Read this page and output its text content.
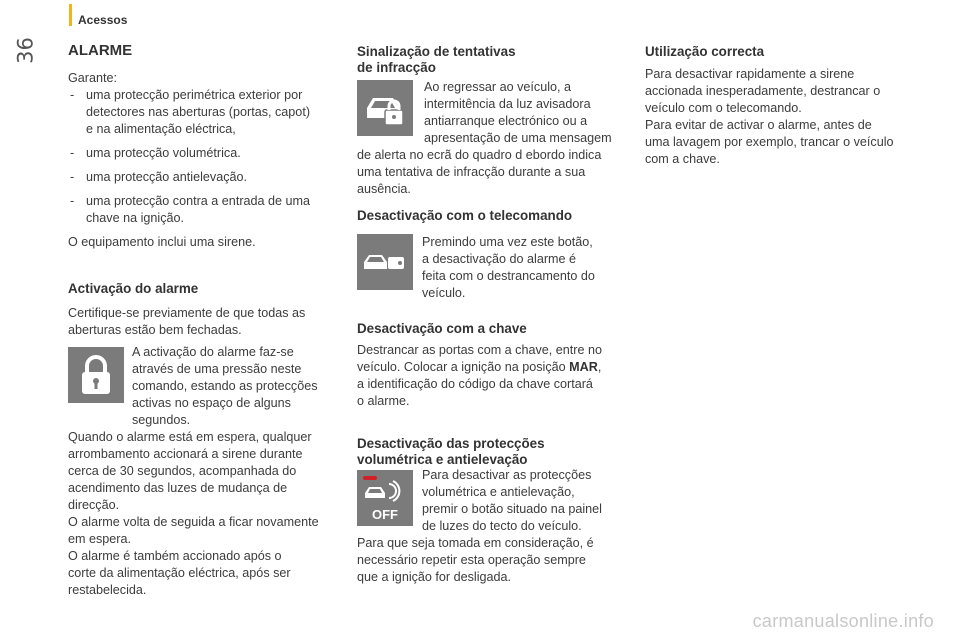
36
Acessos
ALARME
Garante:
- uma protecção perimétrica exterior por
detectores nas aberturas (portas, capot)
e na alimentação eléctrica,
- uma protecção volumétrica.
- uma protecção antielevação.
- uma protecção contra a entrada de uma
chave na ignição.
O equipamento inclui uma sirene.
Activação do alarme
Certifique-se previamente de que todas as
aberturas estão bem fechadas.
A activação do alarme faz-se
através de uma pressão neste
comando, estando as protecções
activas no espaço de alguns
segundos.
Quando o alarme está em espera, qualquer
arrombamento accionará a sirene durante
cerca de 30 segundos, acompanhada do
acendimento das luzes de mudança de
direcção.
O alarme volta de seguida a ficar novamente
em espera.
O alarme é também accionado após o
corte da alimentação eléctrica, após ser
restabelecida.
Sinalização de tentativas
de infracção
Ao regressar ao veículo, a
intermitência da luz avisadora
antiarranque electrónico ou a
apresentação de uma mensagem
de alerta no ecrã do quadro d ebordo indica
uma tentativa de infracção durante a sua
ausência.
Desactivação com o telecomando
Premindo uma vez este botão,
a desactivação do alarme é
feita com o destrancamento do
veículo.
Desactivação com a chave
Destrancar as portas com a chave, entre no
veículo. Colocar a ignição na posição MAR,
a identificação do código da chave cortará
o alarme.
Desactivação das protecções
volumétrica e antielevação
OFF
Para desactivar as protecções
volumétrica e antielevação,
premir o botão situado na painel
de luzes do tecto do veículo.
Para que seja tomada em consideração, é
necessário repetir esta operação sempre
que a ignição for desligada.
Utilização correcta
Para desactivar rapidamente a sirene
accionada inesperadamente, destrancar o
veículo com o telecomando.
Para evitar de activar o alarme, antes de
uma lavagem por exemplo, trancar o veículo
com a chave.
carmanualsonline.info
